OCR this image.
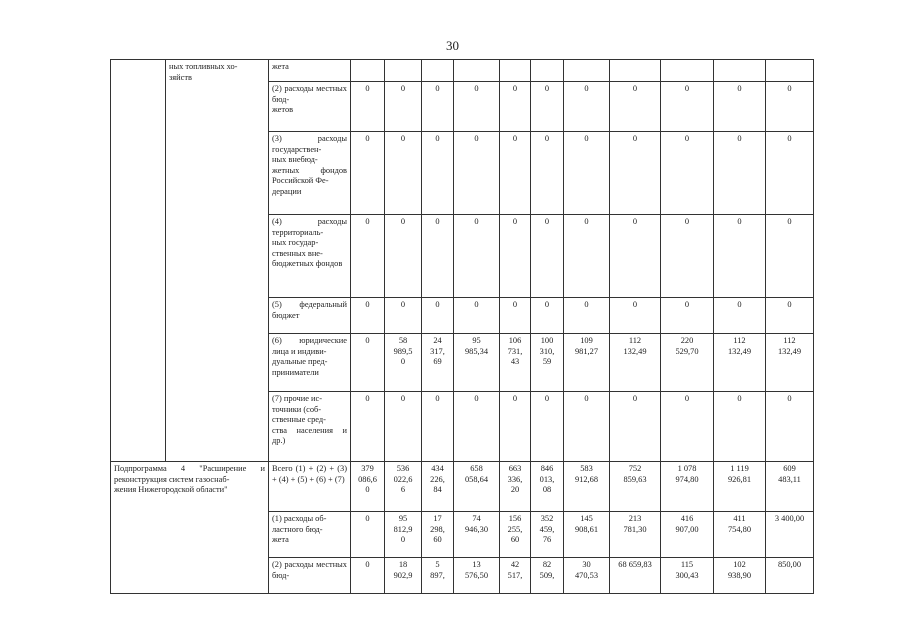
30
	ных топливных хо-
зяйств	жета											
		(2) расходы местных бюд-
жетов	0	0	0	0	0	0	0	0	0	0	0
		(3) расходы государствен-
ных внебюд-
жетных фондов Российской Фе-
дерации	0	0	0	0	0	0	0	0	0	0	0
		(4) расходы территориаль-
ных государ-
ственных вне-
бюджетных фондов	0	0	0	0	0	0	0	0	0	0	0
		(5) федеральный бюджет	0	0	0	0	0	0	0	0	0	0	0
		(6) юридические лица и индиви-
дуальные пред-
приниматели	0	58
989,5
0	24
317,
69	95
985,34	106
731,
43	100
310,
59	109
981,27	112
132,49	220
529,70	112
132,49	112
132,49
		(7) прочие ис-
точники (соб-
ственные сред-
ства населения и др.)	0	0	0	0	0	0	0	0	0	0	0
Подпрограмма 4 "Расширение и реконструкция систем газоснаб-
жения Нижегородской области"		Всего (1) + (2) + (3) + (4) + (5) + (6) + (7)	379
086,6
0	536
022,6
6	434
226,
84	658
058,64	663
336,
20	846
013,
08	583
912,68	752
859,63	1 078
974,80	1 119
926,81	609
483,11
		(1) расходы об-
ластного бюд-
жета	0	95
812,9
0	17
298,
60	74
946,30	156
255,
60	352
459,
76	145
908,61	213
781,30	416
907,00	411
754,80	3 400,00
		(2) расходы местных бюд-	0	18
902,9	5
897,	13
576,50	42
517,	82
509,	30
470,53	68 659,83	115
300,43	102
938,90	850,00
